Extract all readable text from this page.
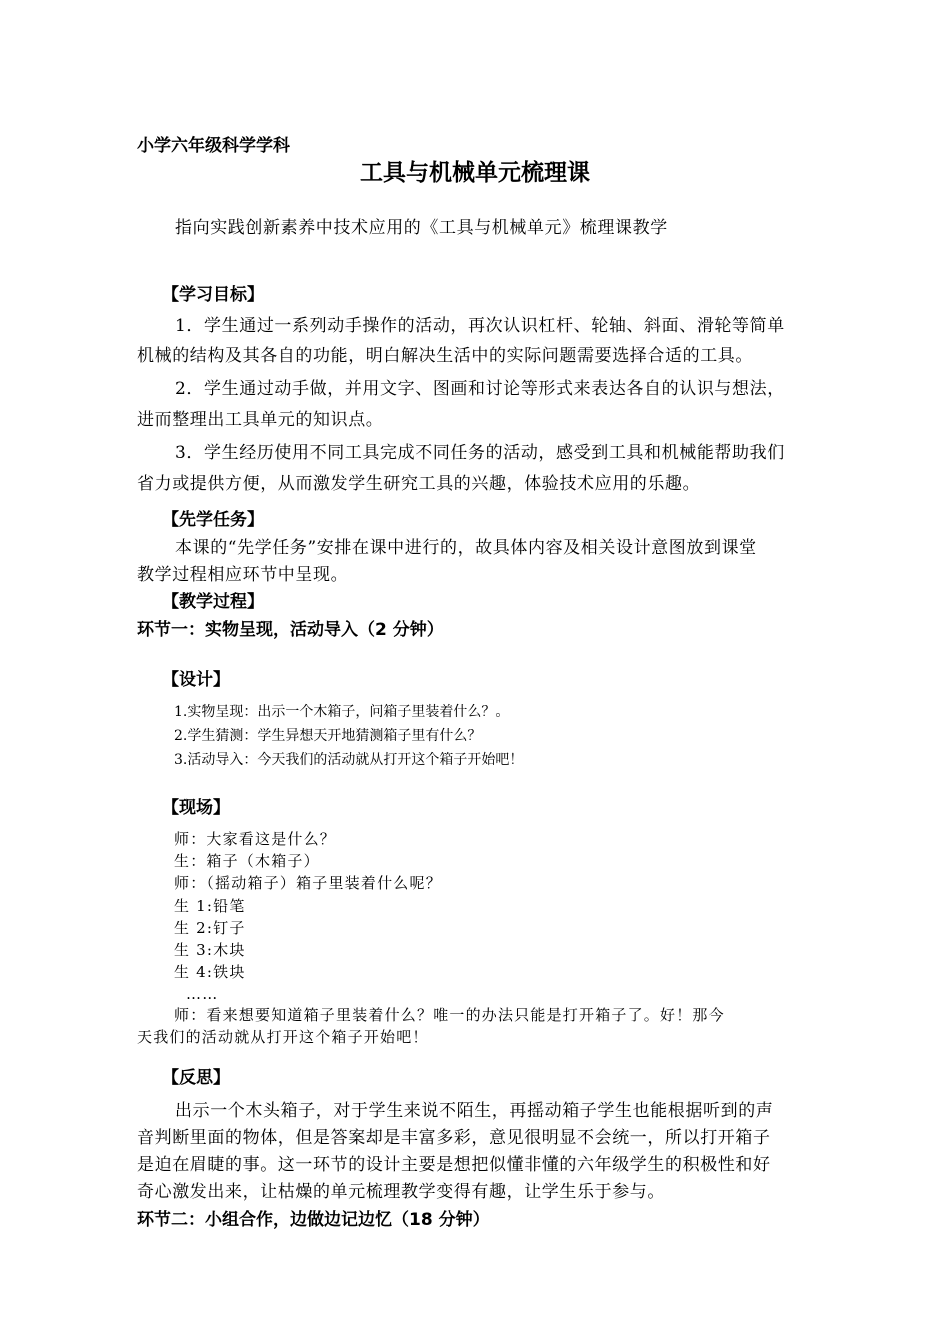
小学六年级科学学科
工具与机械单元梳理课
指向实践创新素养中技术应用的《工具与机械单元》梳理课教学
【学习目标】
1．学生通过一系列动手操作的活动，再次认识杠杆、轮轴、斜面、滑轮等简单
机械的结构及其各自的功能，明白解决生活中的实际问题需要选择合适的工具。
2．学生通过动手做，并用文字、图画和讨论等形式来表达各自的认识与想法，
进而整理出工具单元的知识点。
3．学生经历使用不同工具完成不同任务的活动，感受到工具和机械能帮助我们
省力或提供方便，从而激发学生研究工具的兴趣，体验技术应用的乐趣。
【先学任务】
本课的“先学任务”安排在课中进行的，故具体内容及相关设计意图放到课堂
教学过程相应环节中呈现。
【教学过程】
环节一：实物呈现，活动导入（2 分钟）
【设计】
1.实物呈现：出示一个木箱子，问箱子里装着什么？。
2.学生猜测：学生异想天开地猜测箱子里有什么？
3.活动导入：今天我们的活动就从打开这个箱子开始吧！
【现场】
师：大家看这是什么？
生：箱子（木箱子）
师：（摇动箱子）箱子里装着什么呢？
生 1:铅笔
生 2:钉子
生 3:木块
生 4:铁块
……
师：看来想要知道箱子里装着什么？唯一的办法只能是打开箱子了。好！那今
天我们的活动就从打开这个箱子开始吧！
【反思】
出示一个木头箱子，对于学生来说不陌生，再摇动箱子学生也能根据听到的声
音判断里面的物体，但是答案却是丰富多彩，意见很明显不会统一，所以打开箱子
是迫在眉睫的事。这一环节的设计主要是想把似懂非懂的六年级学生的积极性和好
奇心激发出来，让枯燥的单元梳理教学变得有趣，让学生乐于参与。
环节二：小组合作，边做边记边忆（18 分钟）
